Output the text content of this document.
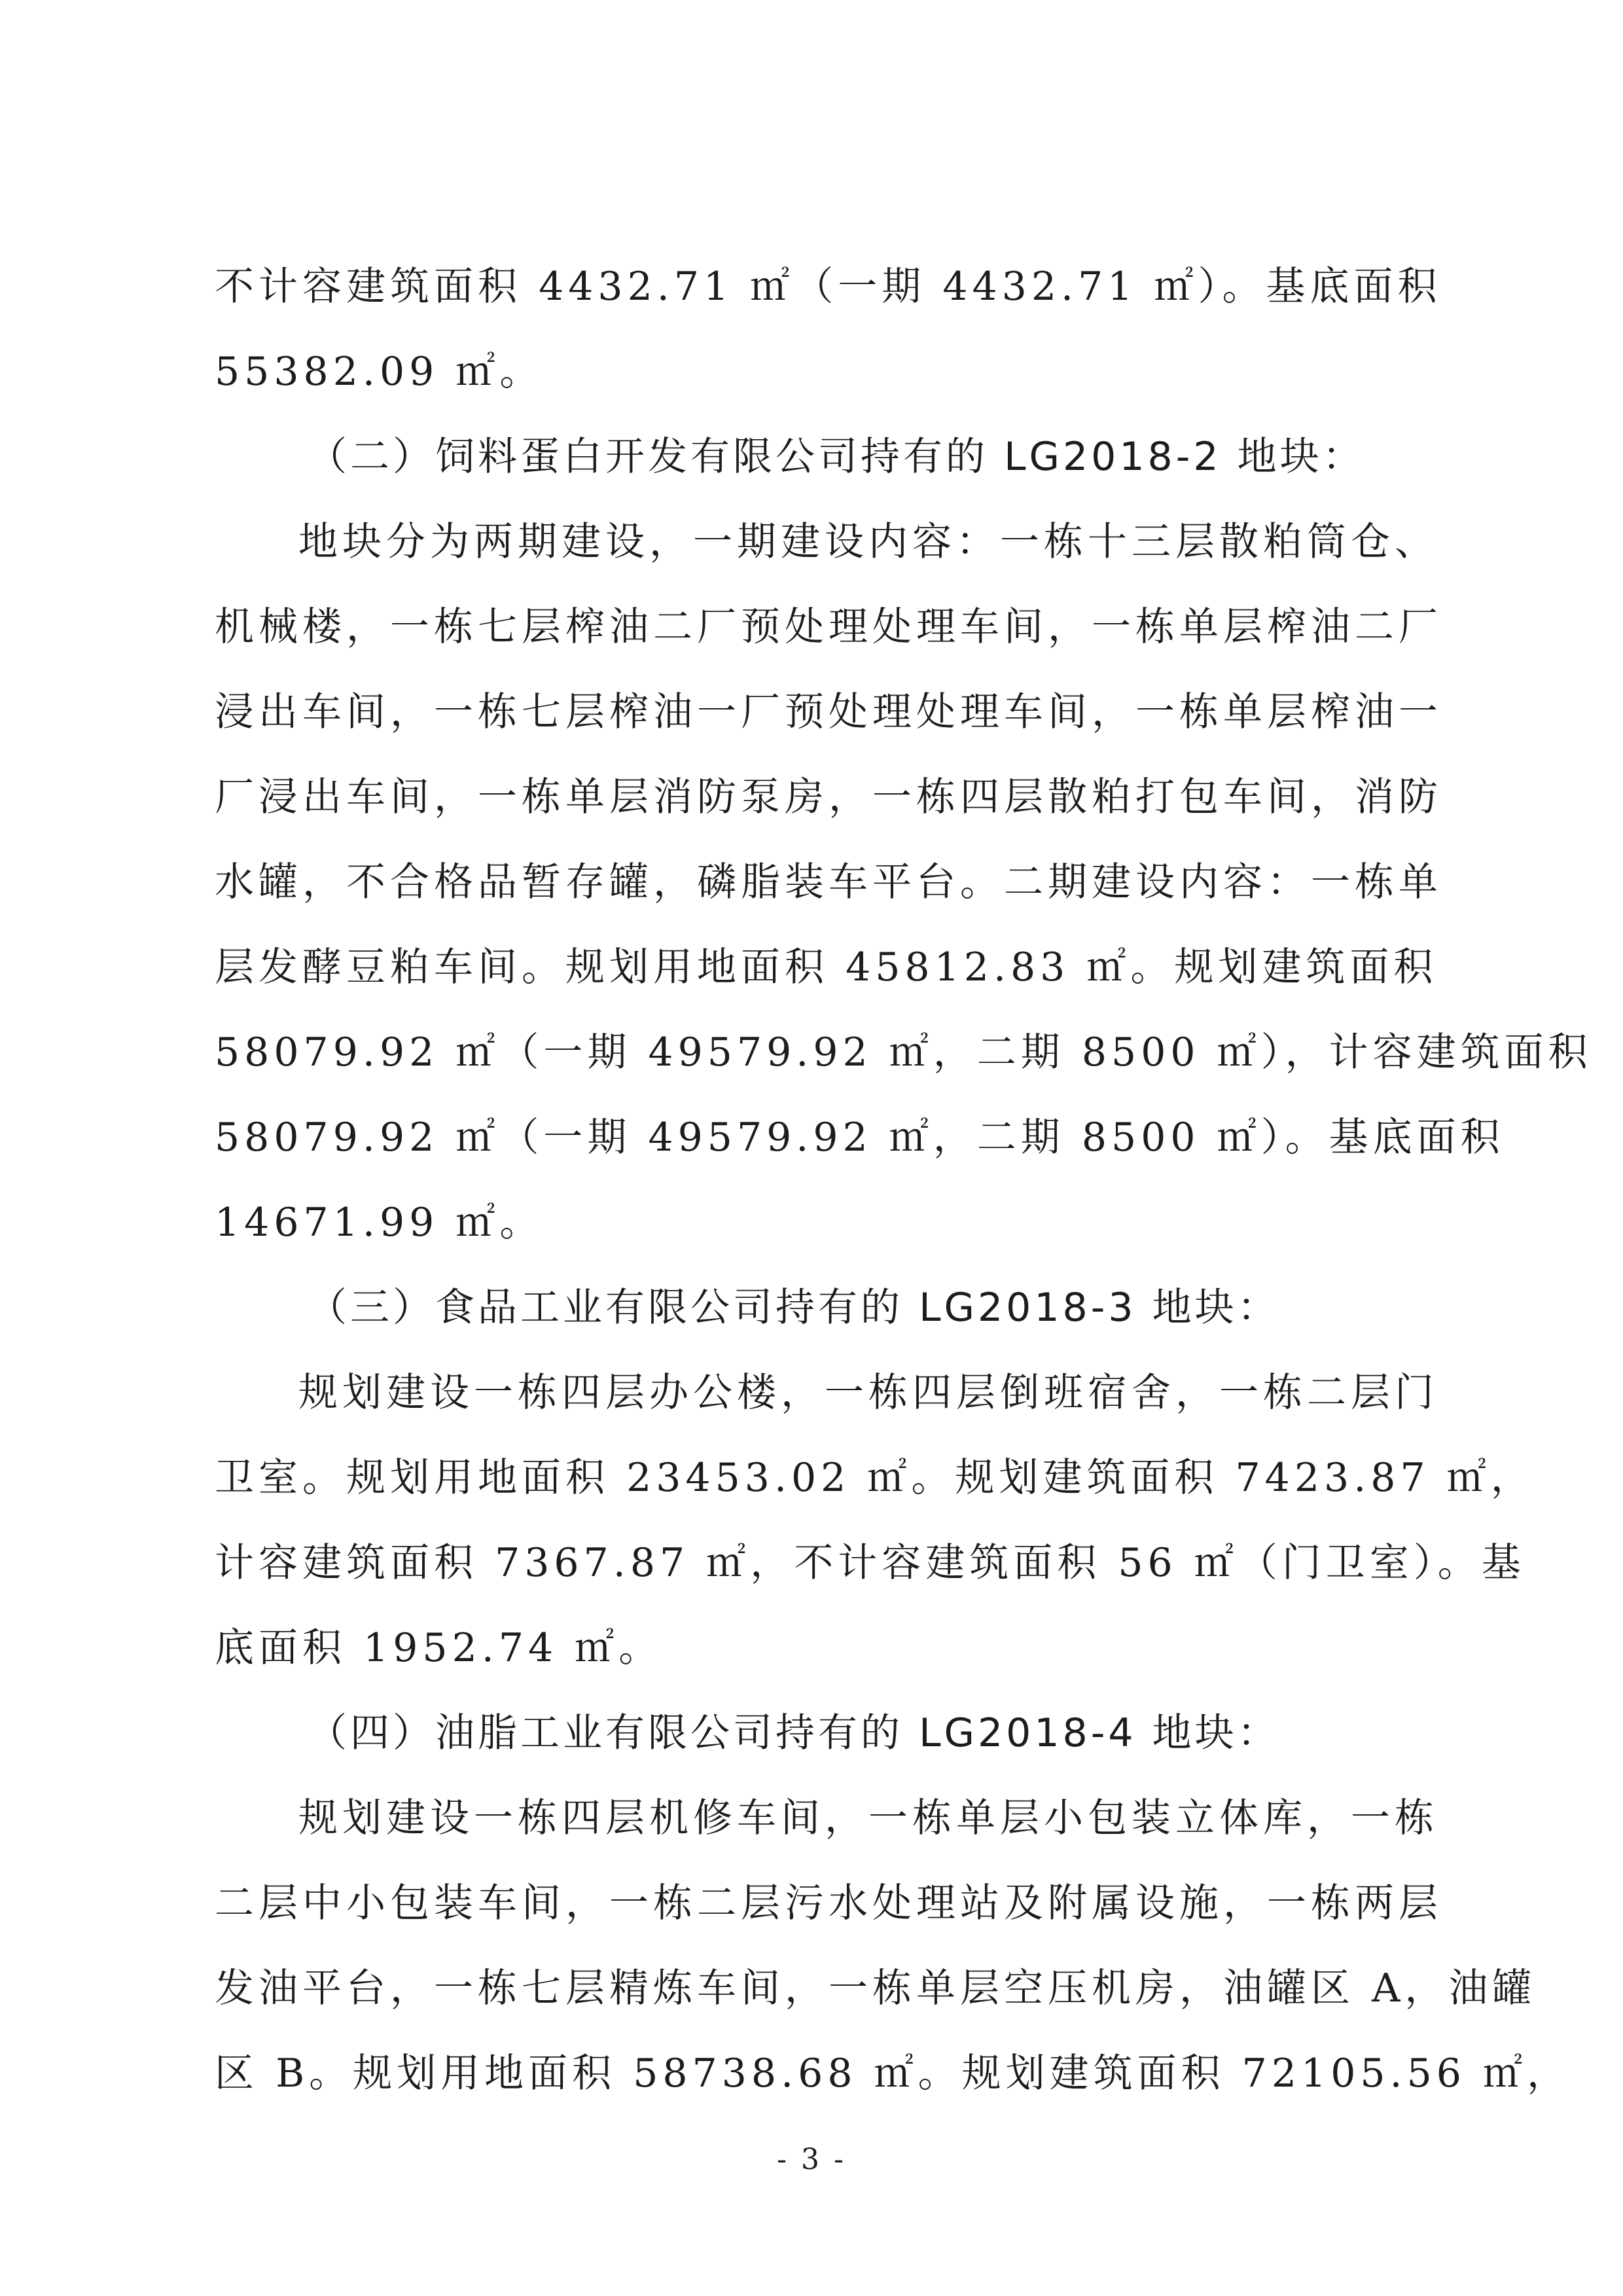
不计容建筑面积 4432.71 ㎡（一期 4432.71 ㎡）。基底面积
55382.09 ㎡。
（二）饲料蛋白开发有限公司持有的 LG2018-2 地块：
地块分为两期建设，一期建设内容：一栋十三层散粕筒仓、
机械楼，一栋七层榨油二厂预处理处理车间，一栋单层榨油二厂
浸出车间，一栋七层榨油一厂预处理处理车间，一栋单层榨油一
厂浸出车间，一栋单层消防泵房，一栋四层散粕打包车间，消防
水罐，不合格品暂存罐，磷脂装车平台。二期建设内容：一栋单
层发酵豆粕车间。规划用地面积 45812.83 ㎡。规划建筑面积
58079.92 ㎡（一期 49579.92 ㎡，二期 8500 ㎡），计容建筑面积
58079.92 ㎡（一期 49579.92 ㎡，二期 8500 ㎡）。基底面积
14671.99 ㎡。
（三）食品工业有限公司持有的 LG2018-3 地块：
规划建设一栋四层办公楼，一栋四层倒班宿舍，一栋二层门
卫室。规划用地面积 23453.02 ㎡。规划建筑面积 7423.87 ㎡，
计容建筑面积 7367.87 ㎡，不计容建筑面积 56 ㎡（门卫室）。基
底面积 1952.74 ㎡。
（四）油脂工业有限公司持有的 LG2018-4 地块：
规划建设一栋四层机修车间，一栋单层小包装立体库，一栋
二层中小包装车间，一栋二层污水处理站及附属设施，一栋两层
发油平台，一栋七层精炼车间，一栋单层空压机房，油罐区 A，油罐
区 B。规划用地面积 58738.68 ㎡。规划建筑面积 72105.56 ㎡，
- 3 -
